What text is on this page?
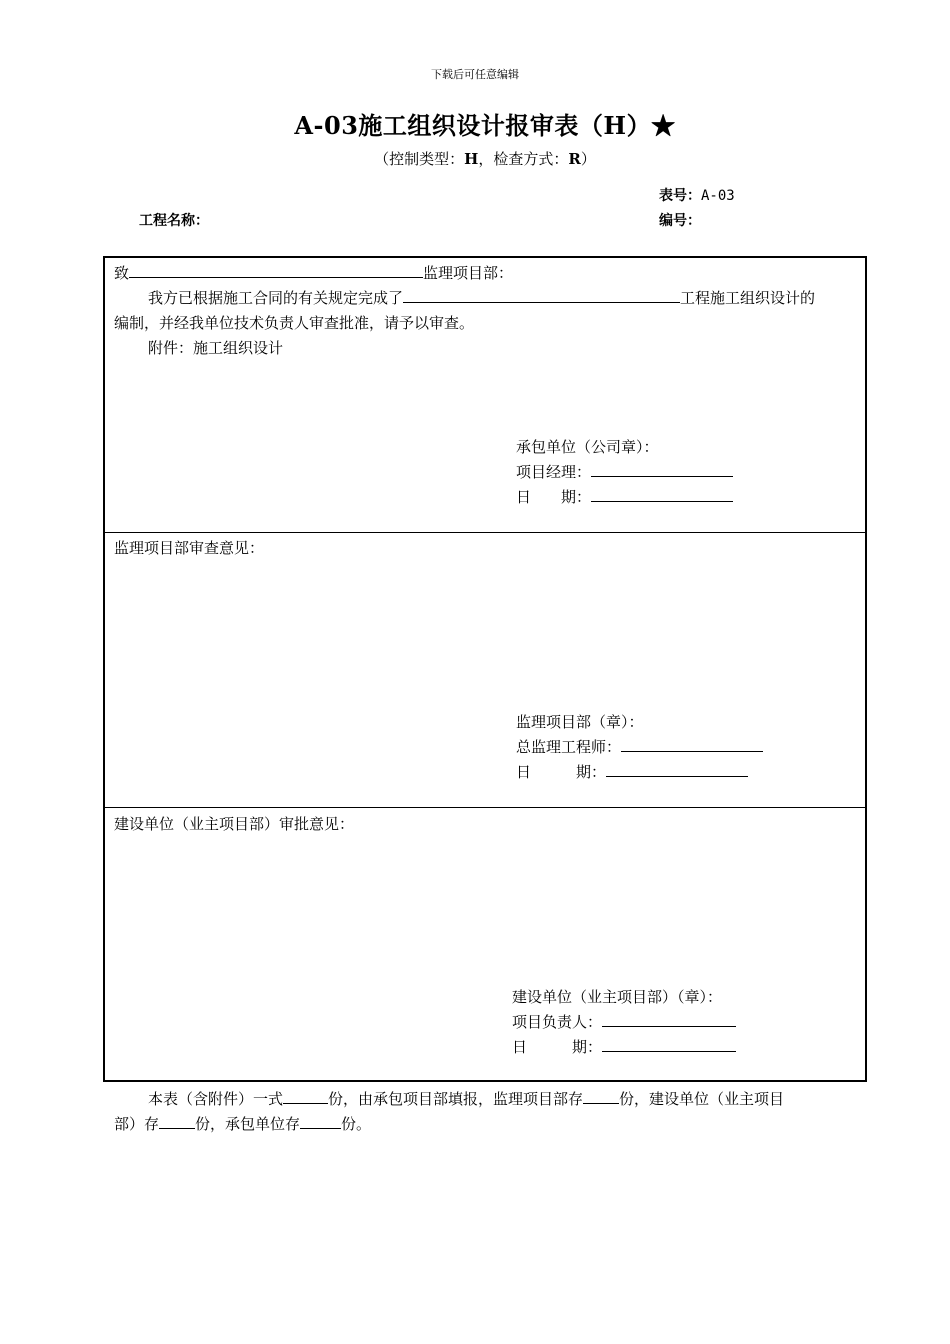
下载后可任意编辑
A-03施工组织设计报审表（H）★
（控制类型：H，检查方式：R）
表号：A-03
工程名称：	编号：
致	监理项目部：
我方已根据施工合同的有关规定完成了	工程施工组织设计的
编制，并经我单位技术负责人审查批准，请予以审查。
附件：施工组织设计
承包单位（公司章）：
项目经理：
日　　期：
监理项目部审查意见：
监理项目部（章）：
总监理工程师：
日　　　期：
建设单位（业主项目部）审批意见：
建设单位（业主项目部）（章）：
项目负责人：
日　　　期：
本表（含附件）一式	份，由承包项目部填报，监理项目部存 份，建设单位（业主项目
部）存 份，承包单位存	份。
